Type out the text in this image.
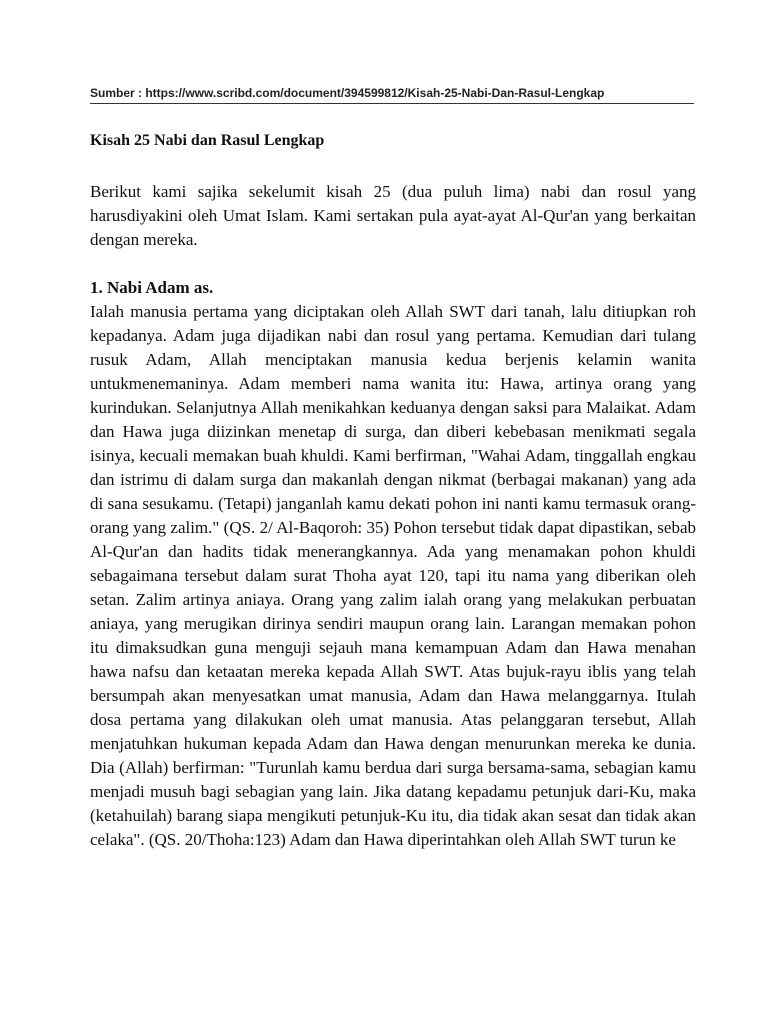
Sumber : https://www.scribd.com/document/394599812/Kisah-25-Nabi-Dan-Rasul-Lengkap
Kisah 25 Nabi dan Rasul Lengkap

Berikut kami sajika sekelumit kisah 25 (dua puluh lima) nabi dan rosul yang harusdiyakini oleh Umat Islam. Kami sertakan pula ayat-ayat Al-Qur'an yang berkaitan dengan mereka.

1. Nabi Adam as.

Ialah manusia pertama yang diciptakan oleh Allah SWT dari tanah, lalu ditiupkan roh kepadanya. Adam juga dijadikan nabi dan rosul yang pertama. Kemudian dari tulang rusuk Adam, Allah menciptakan manusia kedua berjenis kelamin wanita untukmenemaninya. Adam memberi nama wanita itu: Hawa, artinya orang yang kurindukan. Selanjutnya Allah menikahkan keduanya dengan saksi para Malaikat. Adam dan Hawa juga diizinkan menetap di surga, dan diberi kebebasan menikmati segala isinya, kecuali memakan buah khuldi. Kami berfirman, "Wahai Adam, tinggallah engkau dan istrimu di dalam surga dan makanlah dengan nikmat (berbagai makanan) yang ada di sana sesukamu. (Tetapi) janganlah kamu dekati pohon ini nanti kamu termasuk orang-orang yang zalim." (QS. 2/ Al-Baqoroh: 35) Pohon tersebut tidak dapat dipastikan, sebab Al-Qur'an dan hadits tidak menerangkannya. Ada yang menamakan pohon khuldi sebagaimana tersebut dalam surat Thoha ayat 120, tapi itu nama yang diberikan oleh setan. Zalim artinya aniaya. Orang yang zalim ialah orang yang melakukan perbuatan aniaya, yang merugikan dirinya sendiri maupun orang lain. Larangan memakan pohon itu dimaksudkan guna menguji sejauh mana kemampuan Adam dan Hawa menahan hawa nafsu dan ketaatan mereka kepada Allah SWT. Atas bujuk-rayu iblis yang telah bersumpah akan menyesatkan umat manusia, Adam dan Hawa melanggarnya. Itulah dosa pertama yang dilakukan oleh umat manusia. Atas pelanggaran tersebut, Allah menjatuhkan hukuman kepada Adam dan Hawa dengan menurunkan mereka ke dunia. Dia (Allah) berfirman: "Turunlah kamu berdua dari surga bersama-sama, sebagian kamu menjadi musuh bagi sebagian yang lain. Jika datang kepadamu petunjuk dari-Ku, maka (ketahuilah) barang siapa mengikuti petunjuk-Ku itu, dia tidak akan sesat dan tidak akan celaka". (QS. 20/Thoha:123) Adam dan Hawa diperintahkan oleh Allah SWT turun ke
